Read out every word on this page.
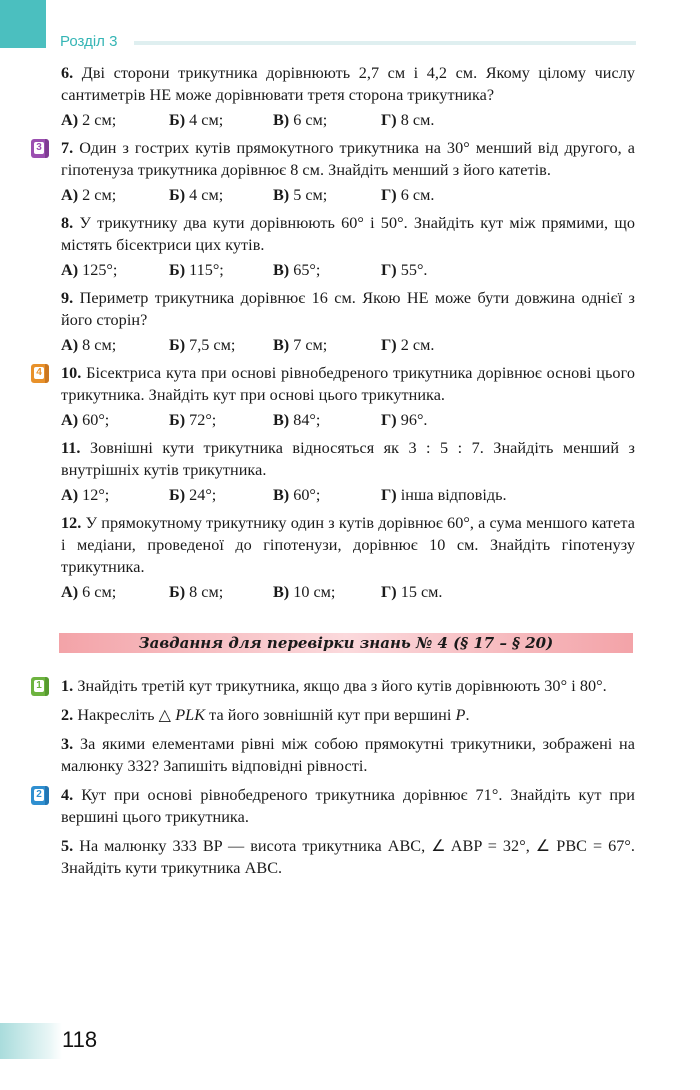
Розділ 3
6. Дві сторони трикутника дорівнюють 2,7 см і 4,2 см. Якому цілому числу сантиметрів НЕ може дорівнювати третя сторона трикутника?
А) 2 см;	Б) 4 см;	В) 6 см;	Г) 8 см.
3 7. Один з гострих кутів прямокутного трикутника на 30° менший від другого, а гіпотенуза трикутника дорівнює 8 см. Знайдіть менший з його катетів.
А) 2 см;	Б) 4 см;	В) 5 см;	Г) 6 см.
8. У трикутнику два кути дорівнюють 60° і 50°. Знайдіть кут між прямими, що містять бісектриси цих кутів.
А) 125°;	Б) 115°;	В) 65°;	Г) 55°.
9. Периметр трикутника дорівнює 16 см. Якою НЕ може бути довжина однієї з його сторін?
А) 8 см;	Б) 7,5 см;	В) 7 см;	Г) 2 см.
4 10. Бісектриса кута при основі рівнобедреного трикутника дорівнює основі цього трикутника. Знайдіть кут при основі цього трикутника.
А) 60°;	Б) 72°;	В) 84°;	Г) 96°.
11. Зовнішні кути трикутника відносяться як 3 : 5 : 7. Знайдіть менший з внутрішніх кутів трикутника.
А) 12°;	Б) 24°;	В) 60°;	Г) інша відповідь.
12. У прямокутному трикутнику один з кутів дорівнює 60°, а сума меншого катета і медіани, проведеної до гіпотенузи, дорівнює 10 см. Знайдіть гіпотенузу трикутника.
А) 6 см;	Б) 8 см;	В) 10 см;	Г) 15 см.
Завдання для перевірки знань № 4 (§ 17 – § 20)
1 1. Знайдіть третій кут трикутника, якщо два з його кутів дорівнюють 30° і 80°.
2. Накресліть △ PLK та його зовнішній кут при вершині P.
3. За якими елементами рівні між собою прямокутні трикутники, зображені на малюнку 332? Запишіть відповідні рівності.
2 4. Кут при основі рівнобедреного трикутника дорівнює 71°. Знайдіть кут при вершині цього трикутника.
5. На малюнку 333 BP — висота трикутника ABC, ∠ ABP = 32°, ∠ PBC = 67°. Знайдіть кути трикутника ABC.
118
